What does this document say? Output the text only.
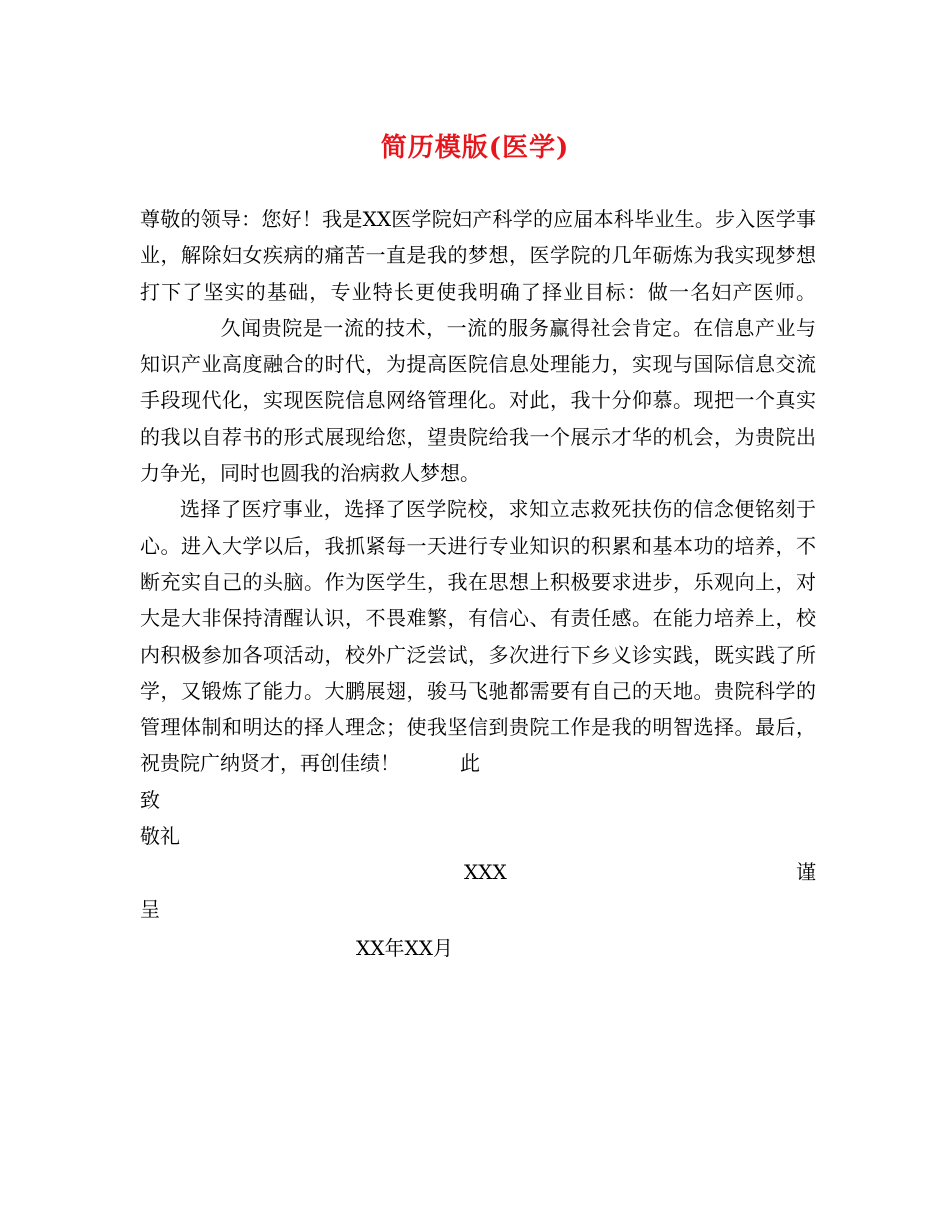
简历模版(医学)

尊敬的领导：您好！我是XX医学院妇产科学的应届本科毕业生。步入医学事业，解除妇女疾病的痛苦一直是我的梦想，医学院的几年砺炼为我实现梦想打下了坚实的基础，专业特长更使我明确了择业目标：做一名妇产医师。久闻贵院是一流的技术，一流的服务赢得社会肯定。在信息产业与知识产业高度融合的时代，为提高医院信息处理能力，实现与国际信息交流手段现代化，实现医院信息网络管理化。对此，我十分仰慕。现把一个真实的我以自荐书的形式展现给您，望贵院给我一个展示才华的机会，为贵院出力争光，同时也圆我的治病救人梦想。

选择了医疗事业，选择了医学院校，求知立志救死扶伤的信念便铭刻于心。进入大学以后，我抓紧每一天进行专业知识的积累和基本功的培养，不断充实自己的头脑。作为医学生，我在思想上积极要求进步，乐观向上，对大是大非保持清醒认识，不畏难繁，有信心、有责任感。在能力培养上，校内积极参加各项活动，校外广泛尝试，多次进行下乡义诊实践，既实践了所学，又锻炼了能力。大鹏展翅，骏马飞驰都需要有自己的天地。贵院科学的管理体制和明达的择人理念；使我坚信到贵院工作是我的明智选择。最后，祝贵院广纳贤才，再创佳绩！	此

致
敬礼
XXX	谨
呈
XX年XX月
